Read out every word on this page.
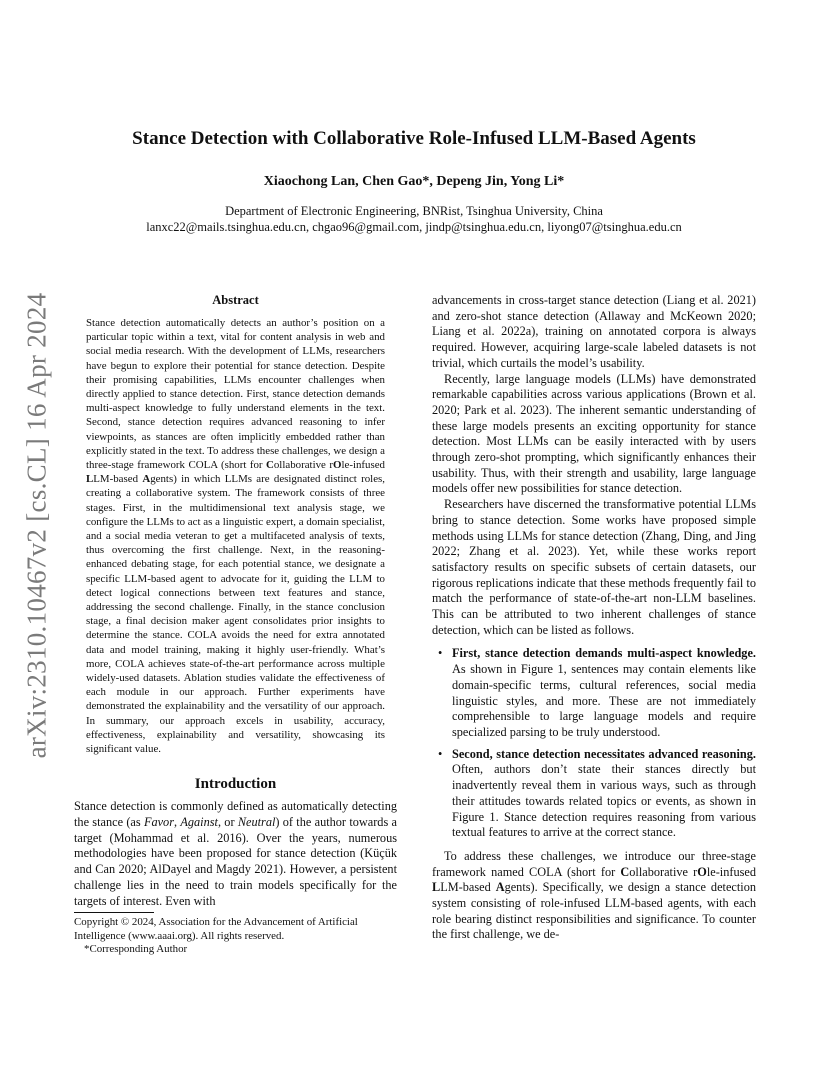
arXiv:2310.10467v2 [cs.CL] 16 Apr 2024
Stance Detection with Collaborative Role-Infused LLM-Based Agents
Xiaochong Lan, Chen Gao*, Depeng Jin, Yong Li*
Department of Electronic Engineering, BNRist, Tsinghua University, China
lanxc22@mails.tsinghua.edu.cn, chgao96@gmail.com, jindp@tsinghua.edu.cn, liyong07@tsinghua.edu.cn
Abstract

Stance detection automatically detects an author’s position on a particular topic within a text, vital for content analysis in web and social media research. With the development of LLMs, researchers have begun to explore their potential for stance detection. Despite their promising capabilities, LLMs encounter challenges when directly applied to stance detection. First, stance detection demands multi-aspect knowledge to fully understand elements in the text. Second, stance detection requires advanced reasoning to infer viewpoints, as stances are often implicitly embedded rather than explicitly stated in the text. To address these challenges, we design a three-stage framework COLA (short for Collaborative rOle-infused LLM-based Agents) in which LLMs are designated distinct roles, creating a collaborative system. The framework consists of three stages. First, in the multidimensional text analysis stage, we configure the LLMs to act as a linguistic expert, a domain specialist, and a social media veteran to get a multifaceted analysis of texts, thus overcoming the first challenge. Next, in the reasoning-enhanced debating stage, for each potential stance, we designate a specific LLM-based agent to advocate for it, guiding the LLM to detect logical connections between text features and stance, addressing the second challenge. Finally, in the stance conclusion stage, a final decision maker agent consolidates prior insights to determine the stance. COLA avoids the need for extra annotated data and model training, making it highly user-friendly. What’s more, COLA achieves state-of-the-art performance across multiple widely-used datasets. Ablation studies validate the effectiveness of each module in our approach. Further experiments have demonstrated the explainability and the versatility of our approach. In summary, our approach excels in usability, accuracy, effectiveness, explainability and versatility, showcasing its significant value.

Introduction

Stance detection is commonly defined as automatically detecting the stance (as Favor, Against, or Neutral) of the author towards a target (Mohammad et al. 2016). Over the years, numerous methodologies have been proposed for stance detection (Küçük and Can 2020; AlDayel and Magdy 2021). However, a persistent challenge lies in the need to train models specifically for the targets of interest. Even with

Copyright © 2024, Association for the Advancement of Artificial Intelligence (www.aaai.org). All rights reserved.
*Corresponding Author

advancements in cross-target stance detection (Liang et al. 2021) and zero-shot stance detection (Allaway and McKeown 2020; Liang et al. 2022a), training on annotated corpora is always required. However, acquiring large-scale labeled datasets is not trivial, which curtails the model’s usability.

Recently, large language models (LLMs) have demonstrated remarkable capabilities across various applications (Brown et al. 2020; Park et al. 2023). The inherent semantic understanding of these large models presents an exciting opportunity for stance detection. Most LLMs can be easily interacted with by users through zero-shot prompting, which significantly enhances their usability. Thus, with their strength and usability, large language models offer new possibilities for stance detection.

Researchers have discerned the transformative potential LLMs bring to stance detection. Some works have proposed simple methods using LLMs for stance detection (Zhang, Ding, and Jing 2022; Zhang et al. 2023). Yet, while these works report satisfactory results on specific subsets of certain datasets, our rigorous replications indicate that these methods frequently fail to match the performance of state-of-the-art non-LLM baselines. This can be attributed to two inherent challenges of stance detection, which can be listed as follows.

• First, stance detection demands multi-aspect knowledge. As shown in Figure 1, sentences may contain elements like domain-specific terms, cultural references, social media linguistic styles, and more. These are not immediately comprehensible to large language models and require specialized parsing to be truly understood.
• Second, stance detection necessitates advanced reasoning. Often, authors don’t state their stances directly but inadvertently reveal them in various ways, such as through their attitudes towards related topics or events, as shown in Figure 1. Stance detection requires reasoning from various textual features to arrive at the correct stance.

To address these challenges, we introduce our three-stage framework named COLA (short for Collaborative rOle-infused LLM-based Agents). Specifically, we design a stance detection system consisting of role-infused LLM-based agents, with each role bearing distinct responsibilities and significance. To counter the first challenge, we de-
